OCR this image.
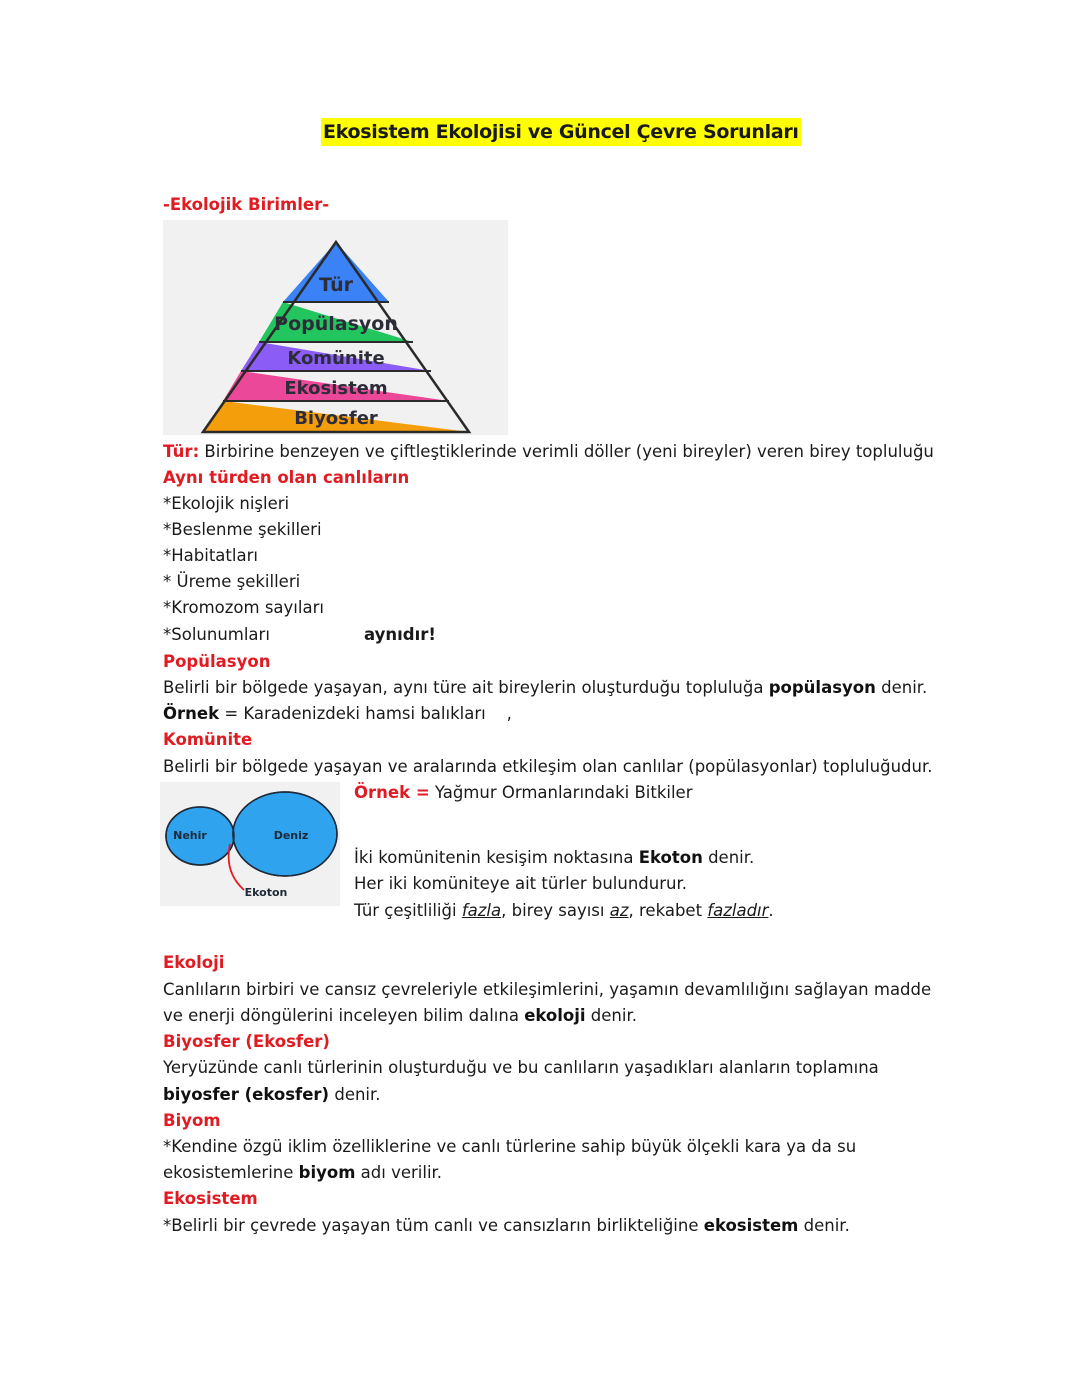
Ekosistem Ekolojisi ve Güncel Çevre Sorunları
-Ekolojik Birimler-
Tür
Popülasyon
Komünite
Ekosistem
Biyosfer
Tür: Birbirine benzeyen ve çiftleştiklerinde verimli döller (yeni bireyler) veren birey topluluğu
Aynı türden olan canlıların
*Ekolojik nişleri
*Beslenme şekilleri
*Habitatları
* Üreme şekilleri
*Kromozom sayıları
*Solunumları	aynıdır!
Popülasyon
Belirli bir bölgede yaşayan, aynı türe ait bireylerin oluşturduğu topluluğa popülasyon denir.
Örnek = Karadenizdeki hamsi balıkları    ,
Komünite
Belirli bir bölgede yaşayan ve aralarında etkileşim olan canlılar (popülasyonlar) topluluğudur.
Nehir	Deniz
Ekoton
Örnek = Yağmur Ormanlarındaki Bitkiler
İki komünitenin kesişim noktasına Ekoton denir.
Her iki komüniteye ait türler bulundurur.
Tür çeşitliliği fazla, birey sayısı az, rekabet fazladır.
Ekoloji
Canlıların birbiri ve cansız çevreleriyle etkileşimlerini, yaşamın devamlılığını sağlayan madde
ve enerji döngülerini inceleyen bilim dalına ekoloji denir.
Biyosfer (Ekosfer)
Yeryüzünde canlı türlerinin oluşturduğu ve bu canlıların yaşadıkları alanların toplamına
biyosfer (ekosfer) denir.
Biyom
*Kendine özgü iklim özelliklerine ve canlı türlerine sahip büyük ölçekli kara ya da su
ekosistemlerine biyom adı verilir.
Ekosistem
*Belirli bir çevrede yaşayan tüm canlı ve cansızların birlikteliğine ekosistem denir.
